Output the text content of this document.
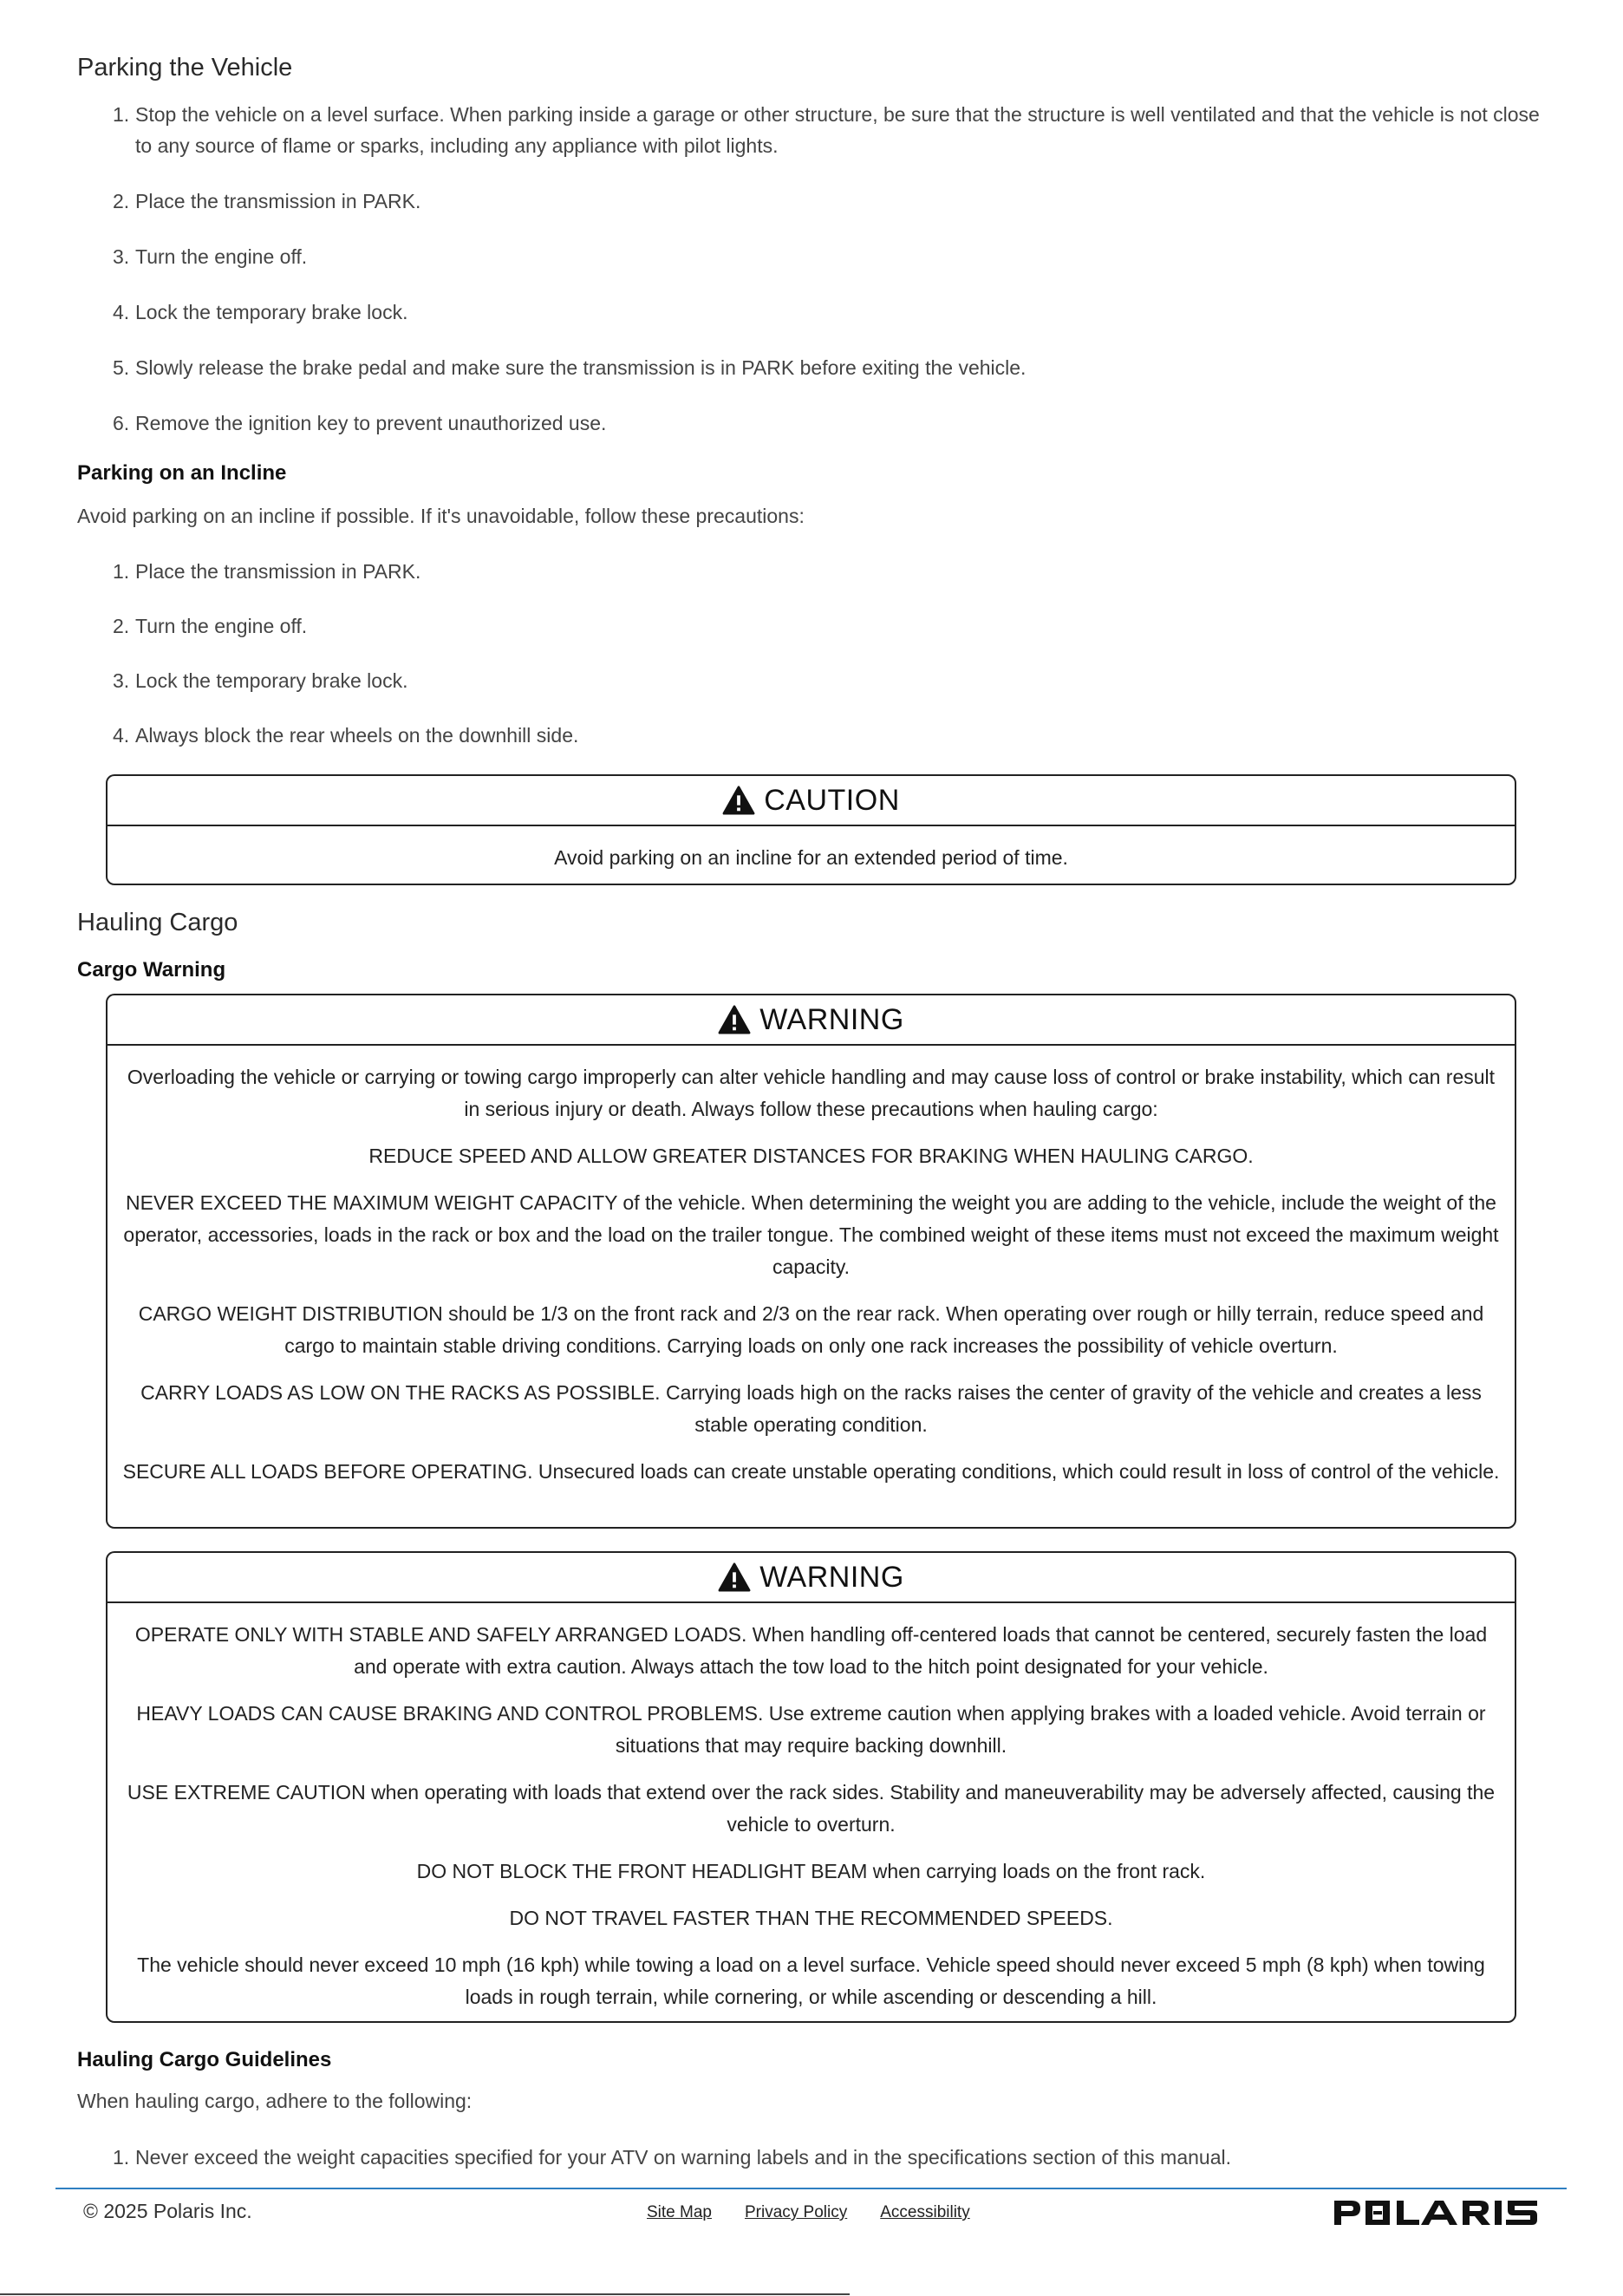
Parking the Vehicle
1. Stop the vehicle on a level surface. When parking inside a garage or other structure, be sure that the structure is well ventilated and that the vehicle is not close to any source of flame or sparks, including any appliance with pilot lights.
2. Place the transmission in PARK.
3. Turn the engine off.
4. Lock the temporary brake lock.
5. Slowly release the brake pedal and make sure the transmission is in PARK before exiting the vehicle.
6. Remove the ignition key to prevent unauthorized use.
Parking on an Incline

Avoid parking on an incline if possible. If it's unavoidable, follow these precautions:

1. Place the transmission in PARK.
2. Turn the engine off.
3. Lock the temporary brake lock.
4. Always block the rear wheels on the downhill side.
CAUTION

Avoid parking on an incline for an extended period of time.

Hauling Cargo
Cargo Warning
WARNING

Overloading the vehicle or carrying or towing cargo improperly can alter vehicle handling and may cause loss of control or brake instability, which can result in serious injury or death. Always follow these precautions when hauling cargo:

REDUCE SPEED AND ALLOW GREATER DISTANCES FOR BRAKING WHEN HAULING CARGO.

NEVER EXCEED THE MAXIMUM WEIGHT CAPACITY of the vehicle. When determining the weight you are adding to the vehicle, include the weight of the operator, accessories, loads in the rack or box and the load on the trailer tongue. The combined weight of these items must not exceed the maximum weight capacity.

CARGO WEIGHT DISTRIBUTION should be 1/3 on the front rack and 2/3 on the rear rack. When operating over rough or hilly terrain, reduce speed and cargo to maintain stable driving conditions. Carrying loads on only one rack increases the possibility of vehicle overturn.

CARRY LOADS AS LOW ON THE RACKS AS POSSIBLE. Carrying loads high on the racks raises the center of gravity of the vehicle and creates a less stable operating condition.

SECURE ALL LOADS BEFORE OPERATING. Unsecured loads can create unstable operating conditions, which could result in loss of control of the vehicle.

WARNING

OPERATE ONLY WITH STABLE AND SAFELY ARRANGED LOADS. When handling off-centered loads that cannot be centered, securely fasten the load and operate with extra caution. Always attach the tow load to the hitch point designated for your vehicle.

HEAVY LOADS CAN CAUSE BRAKING AND CONTROL PROBLEMS. Use extreme caution when applying brakes with a loaded vehicle. Avoid terrain or situations that may require backing downhill.

USE EXTREME CAUTION when operating with loads that extend over the rack sides. Stability and maneuverability may be adversely affected, causing the vehicle to overturn.

DO NOT BLOCK THE FRONT HEADLIGHT BEAM when carrying loads on the front rack.

DO NOT TRAVEL FASTER THAN THE RECOMMENDED SPEEDS.

The vehicle should never exceed 10 mph (16 kph) while towing a load on a level surface. Vehicle speed should never exceed 5 mph (8 kph) when towing loads in rough terrain, while cornering, or while ascending or descending a hill.

Hauling Cargo Guidelines

When hauling cargo, adhere to the following:

1. Never exceed the weight capacities specified for your ATV on warning labels and in the specifications section of this manual.
© 2025 Polaris Inc.	Site Map Privacy Policy Accessibility
